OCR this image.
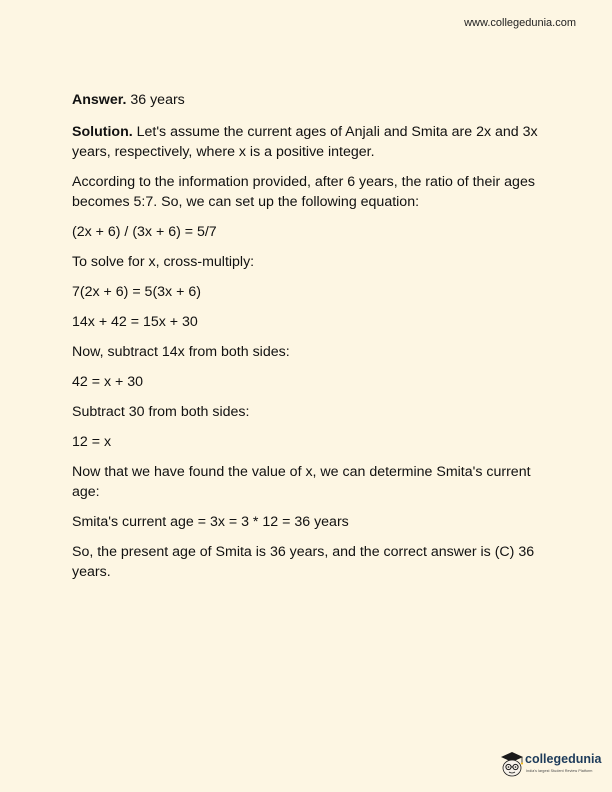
www.collegedunia.com

Answer. 36 years

Solution. Let's assume the current ages of Anjali and Smita are 2x and 3x years, respectively, where x is a positive integer.

According to the information provided, after 6 years, the ratio of their ages becomes 5:7. So, we can set up the following equation:

(2x + 6) / (3x + 6) = 5/7

To solve for x, cross-multiply:

7(2x + 6) = 5(3x + 6)

14x + 42 = 15x + 30

Now, subtract 14x from both sides:

42 = x + 30

Subtract 30 from both sides:

12 = x

Now that we have found the value of x, we can determine Smita's current age:

Smita's current age = 3x = 3 * 12 = 36 years

So, the present age of Smita is 36 years, and the correct answer is (C) 36 years.

collegedunia
India's largest Student Review Platform
